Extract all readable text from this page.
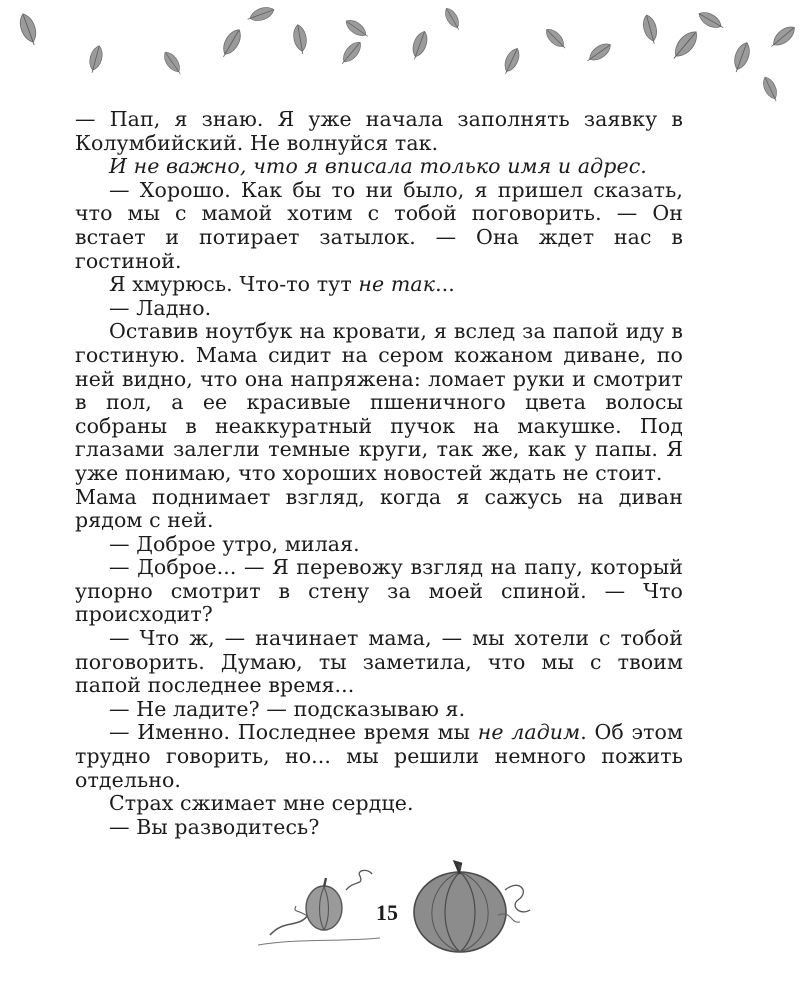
— Пап, я знаю. Я уже начала заполнять заявку в Колумбийский. Не волнуйся так.

И не важно, что я вписала только имя и адрес.

— Хорошо. Как бы то ни было, я пришел сказать, что мы с мамой хотим с тобой поговорить. — Он встает и потирает затылок. — Она ждет нас в гостиной.

Я хмурюсь. Что-то тут не так...

— Ладно.

Оставив ноутбук на кровати, я вслед за папой иду в гостиную. Мама сидит на сером кожаном диване, по ней видно, что она напряжена: ломает руки и смотрит в пол, а ее красивые пшеничного цвета волосы собраны в неаккуратный пучок на макушке. Под глазами залегли темные круги, так же, как у папы. Я уже понимаю, что хороших новостей ждать не стоит.

Мама поднимает взгляд, когда я сажусь на диван рядом с ней.

— Доброе утро, милая.

— Доброе... — Я перевожу взгляд на папу, который упорно смотрит в стену за моей спиной. — Что происходит?

— Что ж, — начинает мама, — мы хотели с тобой поговорить. Думаю, ты заметила, что мы с твоим папой последнее время...

— Не ладите? — подсказываю я.

— Именно. Последнее время мы не ладим. Об этом трудно говорить, но... мы решили немного пожить отдельно.

Страх сжимает мне сердце.

— Вы разводитесь?

15
